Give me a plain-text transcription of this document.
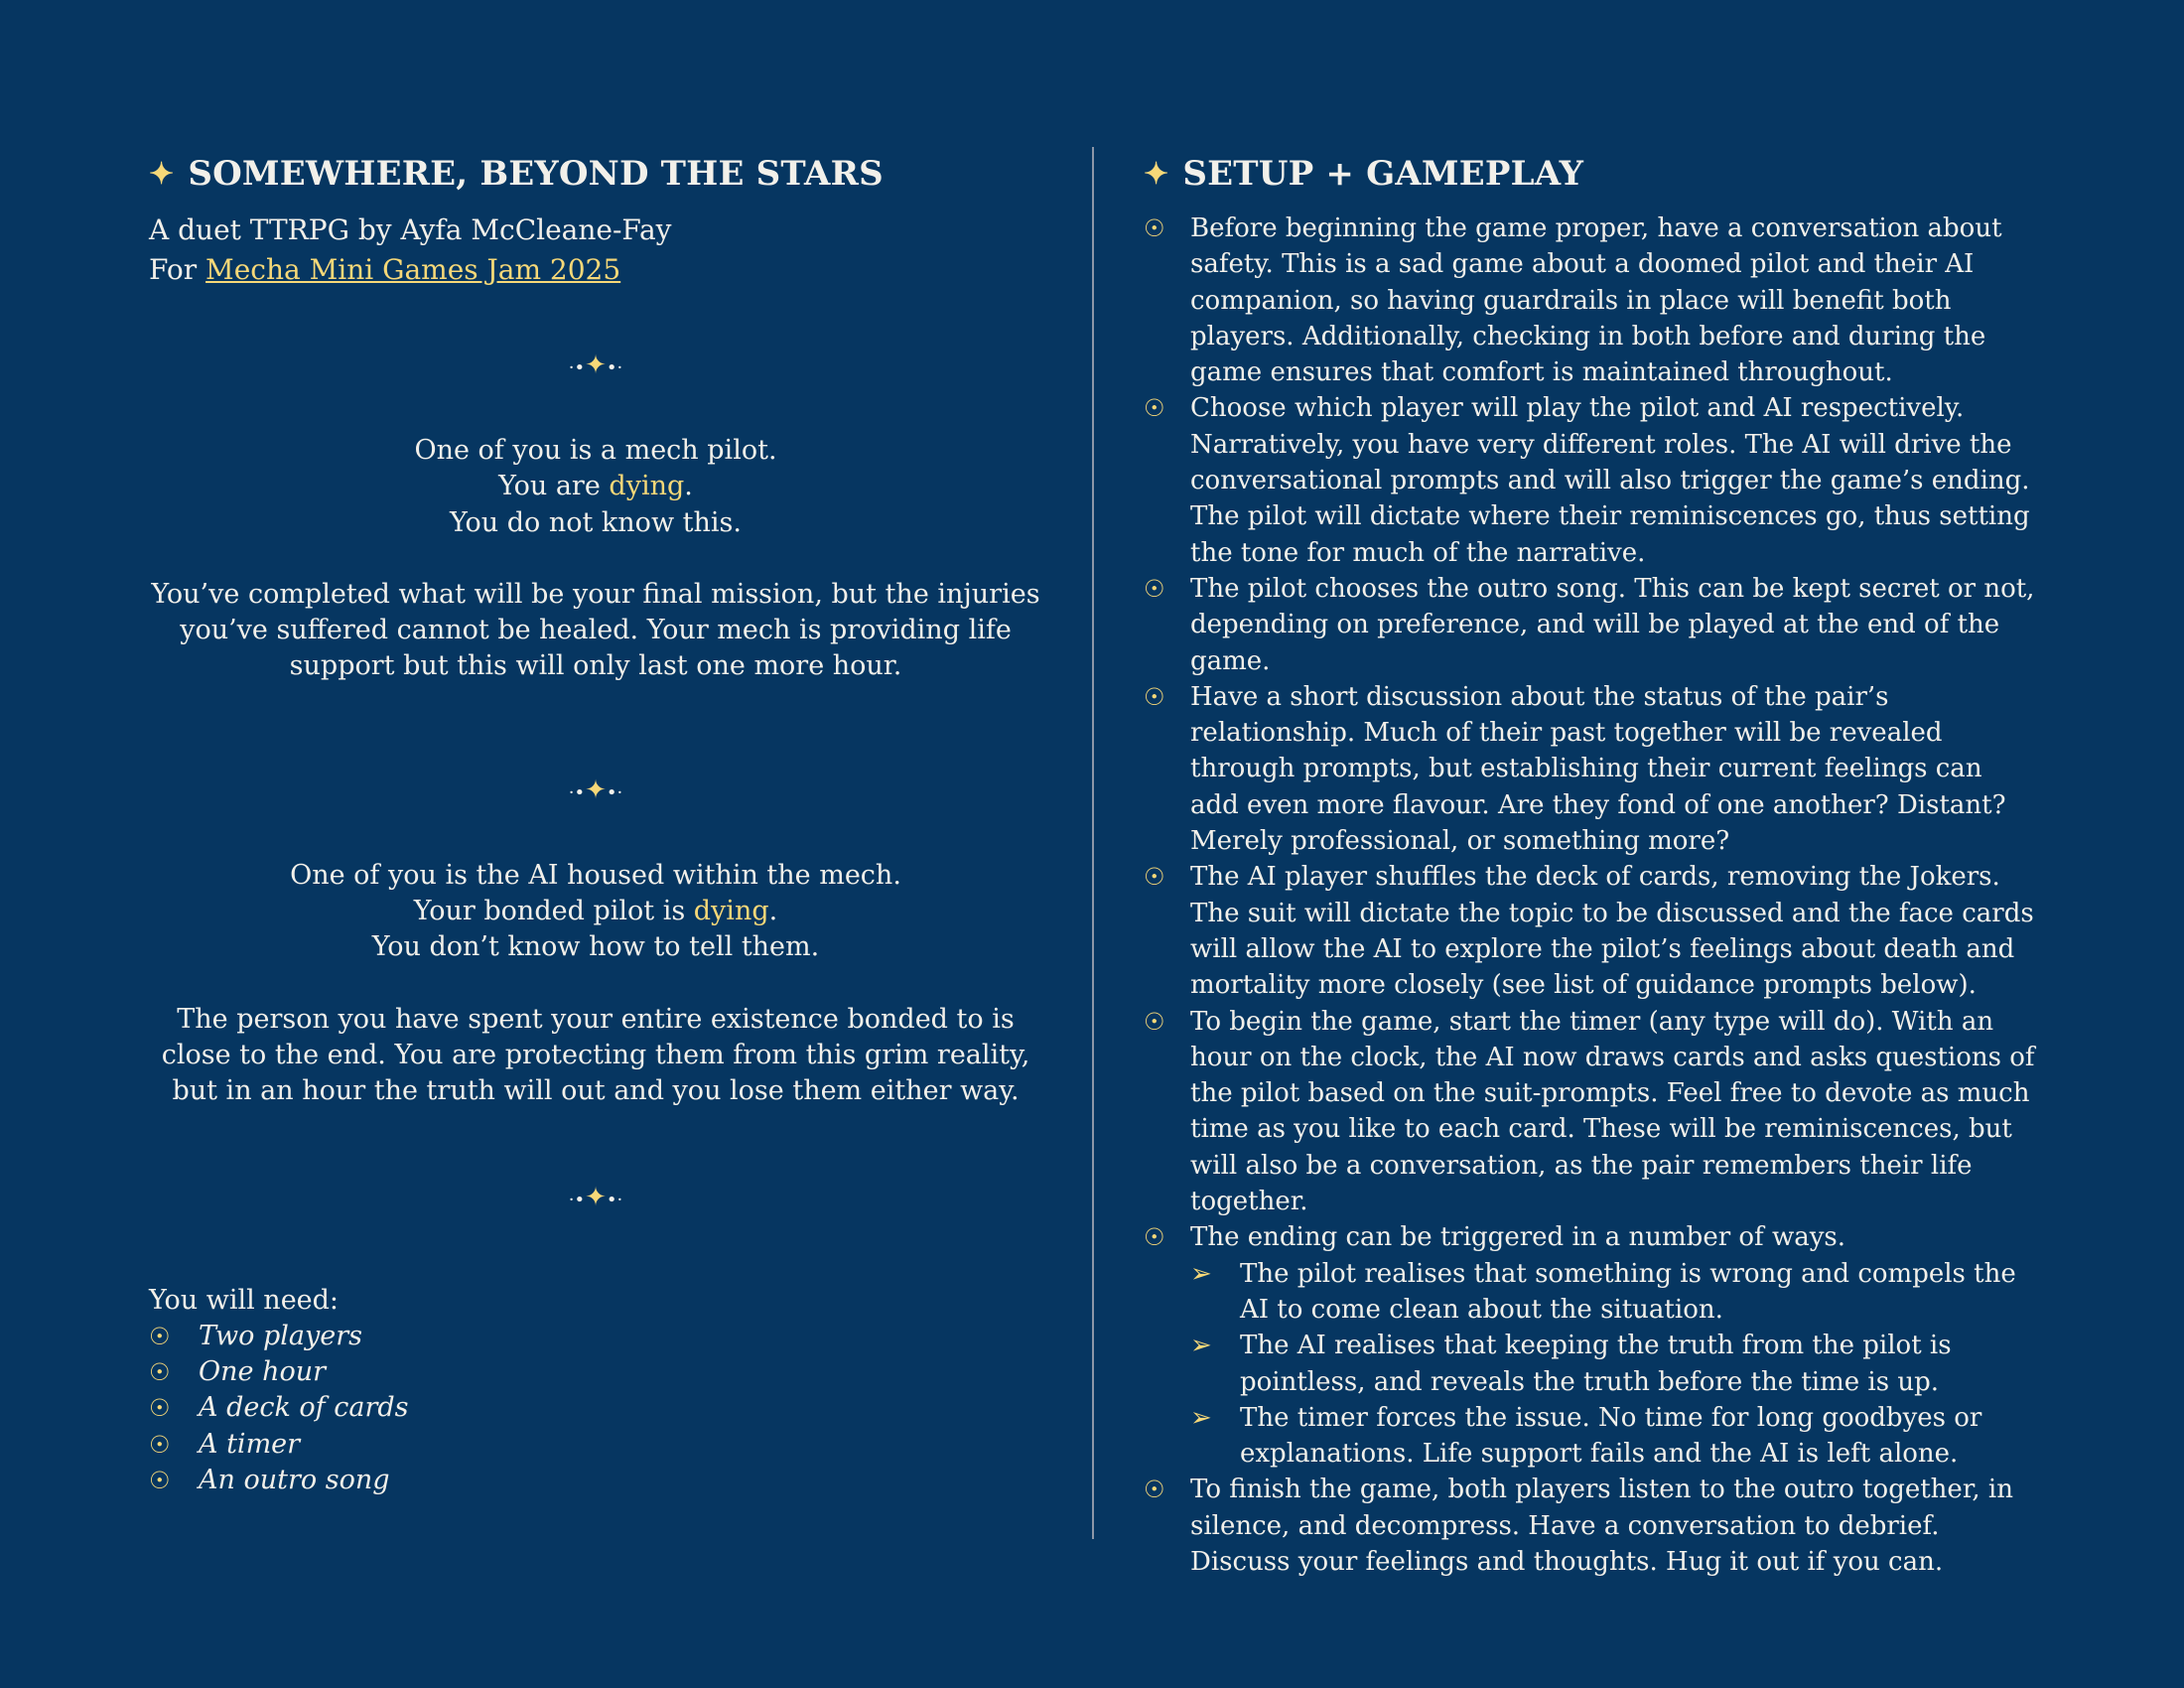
✦ SOMEWHERE, BEYOND THE STARS
A duet TTRPG by Ayfa McCleane-Fay
For Mecha Mini Games Jam 2025
·•✦•·
One of you is a mech pilot.
You are dying.
You do not know this.
You’ve completed what will be your final mission, but the injuries you’ve suffered cannot be healed. Your mech is providing life support but this will only last one more hour.
·•✦•·
One of you is the AI housed within the mech.
Your bonded pilot is dying.
You don’t know how to tell them.
The person you have spent your entire existence bonded to is close to the end. You are protecting them from this grim reality, but in an hour the truth will out and you lose them either way.
·•✦•·
You will need:
☉	Two players
☉	One hour
☉	A deck of cards
☉	A timer
☉	An outro song
✦ SETUP + GAMEPLAY
☉ Before beginning the game proper, have a conversation about safety. This is a sad game about a doomed pilot and their AI companion, so having guardrails in place will benefit both players. Additionally, checking in both before and during the game ensures that comfort is maintained throughout.
☉ Choose which player will play the pilot and AI respectively. Narratively, you have very different roles. The AI will drive the conversational prompts and will also trigger the game’s ending. The pilot will dictate where their reminiscences go, thus setting the tone for much of the narrative.
☉ The pilot chooses the outro song. This can be kept secret or not, depending on preference, and will be played at the end of the game.
☉ Have a short discussion about the status of the pair’s relationship. Much of their past together will be revealed through prompts, but establishing their current feelings can add even more flavour. Are they fond of one another? Distant? Merely professional, or something more?
☉ The AI player shuffles the deck of cards, removing the Jokers. The suit will dictate the topic to be discussed and the face cards will allow the AI to explore the pilot’s feelings about death and mortality more closely (see list of guidance prompts below).
☉ To begin the game, start the timer (any type will do). With an hour on the clock, the AI now draws cards and asks questions of the pilot based on the suit-prompts. Feel free to devote as much time as you like to each card. These will be reminiscences, but will also be a conversation, as the pair remembers their life together.
☉ The ending can be triggered in a number of ways.
➢	The pilot realises that something is wrong and compels the AI to come clean about the situation.
➢	The AI realises that keeping the truth from the pilot is pointless, and reveals the truth before the time is up.
➢	The timer forces the issue. No time for long goodbyes or explanations. Life support fails and the AI is left alone.
☉ To finish the game, both players listen to the outro together, in silence, and decompress. Have a conversation to debrief. Discuss your feelings and thoughts. Hug it out if you can.
